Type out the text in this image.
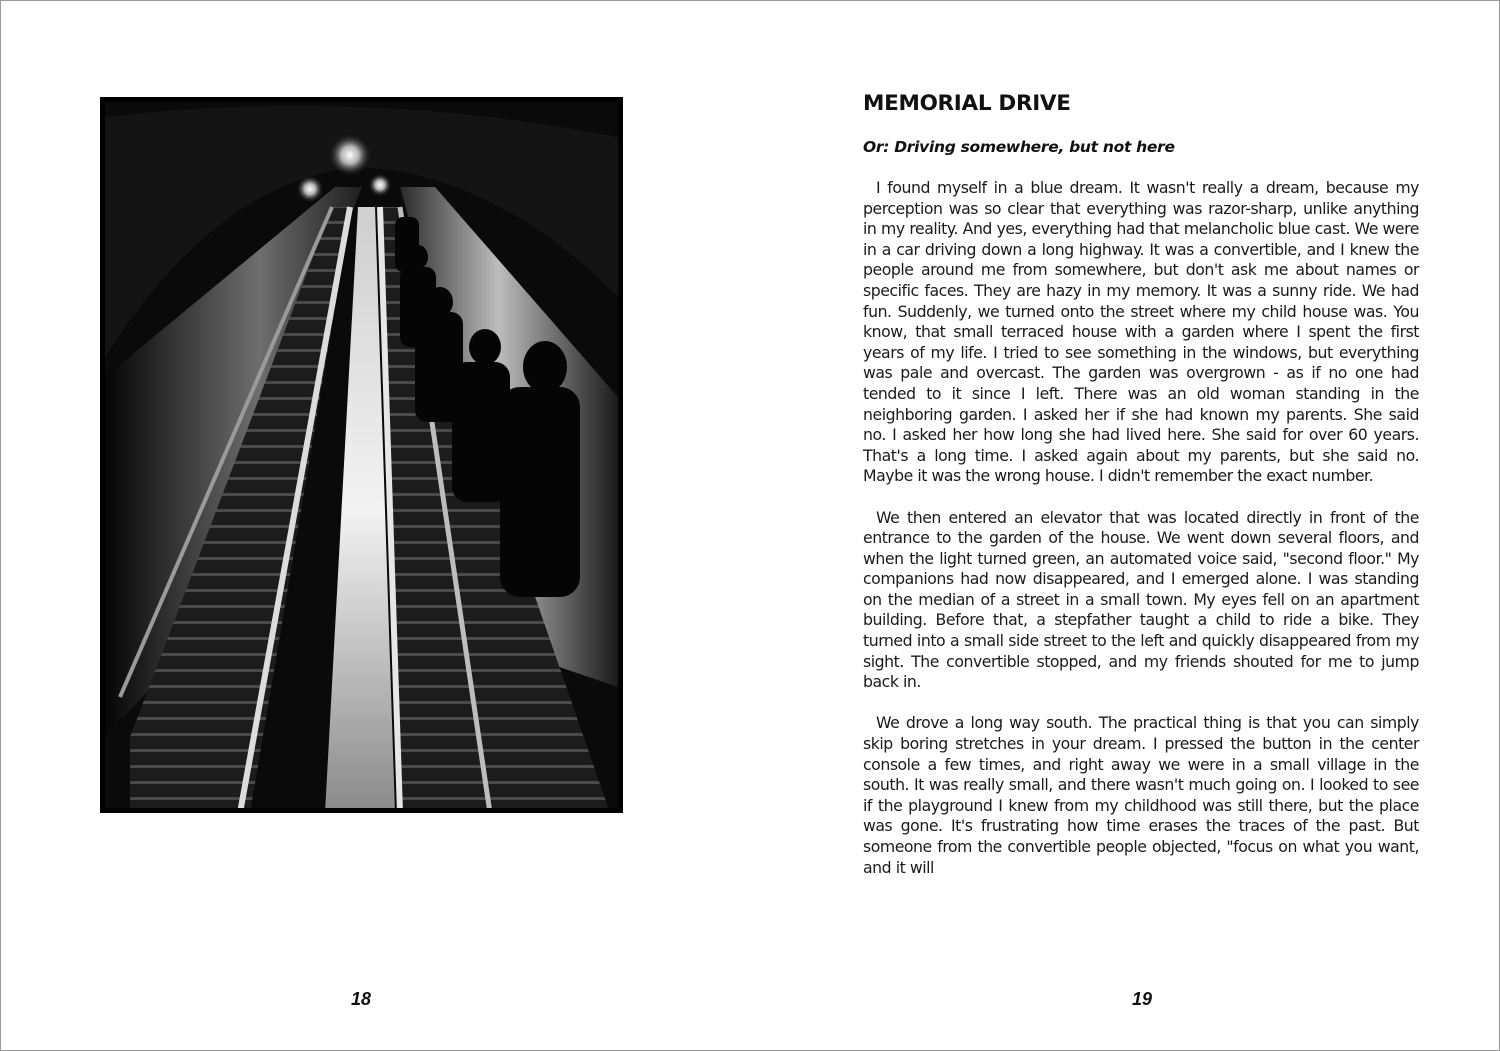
18
MEMORIAL DRIVE
Or: Driving somewhere, but not here

I found myself in a blue dream. It wasn't really a dream, because my perception was so clear that everything was razor-sharp, unlike anything in my reality. And yes, everything had that melancholic blue cast. We were in a car driving down a long highway. It was a convertible, and I knew the people around me from somewhere, but don't ask me about names or specific faces. They are hazy in my memory. It was a sunny ride. We had fun. Suddenly, we turned onto the street where my child house was. You know, that small terraced house with a garden where I spent the first years of my life. I tried to see something in the windows, but everything was pale and overcast. The garden was overgrown - as if no one had tended to it since I left. There was an old woman standing in the neighboring garden. I asked her if she had known my parents. She said no. I asked her how long she had lived here. She said for over 60 years. That's a long time. I asked again about my parents, but she said no. Maybe it was the wrong house. I didn't remember the exact number.

We then entered an elevator that was located directly in front of the entrance to the garden of the house. We went down several floors, and when the light turned green, an automated voice said, "second floor." My companions had now disappeared, and I emerged alone. I was standing on the median of a street in a small town. My eyes fell on an apartment building. Before that, a stepfather taught a child to ride a bike. They turned into a small side street to the left and quickly disappeared from my sight. The convertible stopped, and my friends shouted for me to jump back in.

We drove a long way south. The practical thing is that you can simply skip boring stretches in your dream. I pressed the button in the center console a few times, and right away we were in a small village in the south. It was really small, and there wasn't much going on. I looked to see if the playground I knew from my childhood was still there, but the place was gone. It's frustrating how time erases the traces of the past. But someone from the convertible people objected, "focus on what you want, and it will

19
